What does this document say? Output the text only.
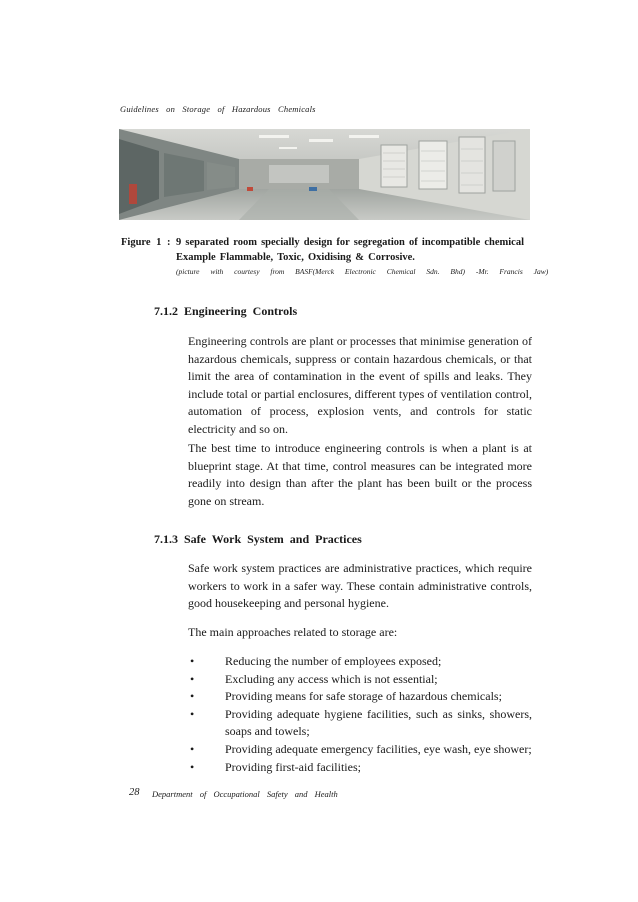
Guidelines on Storage of Hazardous Chemicals
Figure 1 : 9 separated room specially design for segregation of incompatible chemical
Example Flammable, Toxic, Oxidising & Corrosive.
(picture with courtesy from BASF(Merck Electronic Chemical Sdn. Bhd) -Mr. Francis Jaw)
7.1.2 Engineering Controls
Engineering controls are plant or processes that minimise generation of hazardous chemicals, suppress or contain hazardous chemicals, or that limit the area of contamination in the event of spills and leaks. They include total or partial enclosures, different types of ventilation control, automation of process, explosion vents, and controls for static electricity and so on.
The best time to introduce engineering controls is when a plant is at blueprint stage. At that time, control measures can be integrated more readily into design than after the plant has been built or the process gone on stream.
7.1.3 Safe Work System and Practices
Safe work system practices are administrative practices, which require workers to work in a safer way. These contain administrative controls, good housekeeping and personal hygiene.
The main approaches related to storage are:
•	Reducing the number of employees exposed;
•	Excluding any access which is not essential;
•	Providing means for safe storage of hazardous chemicals;
•	Providing adequate hygiene facilities, such as sinks, showers, soaps and towels;
•	Providing adequate emergency facilities, eye wash, eye shower;
•	Providing first-aid facilities;
28 Department of Occupational Safety and Health
